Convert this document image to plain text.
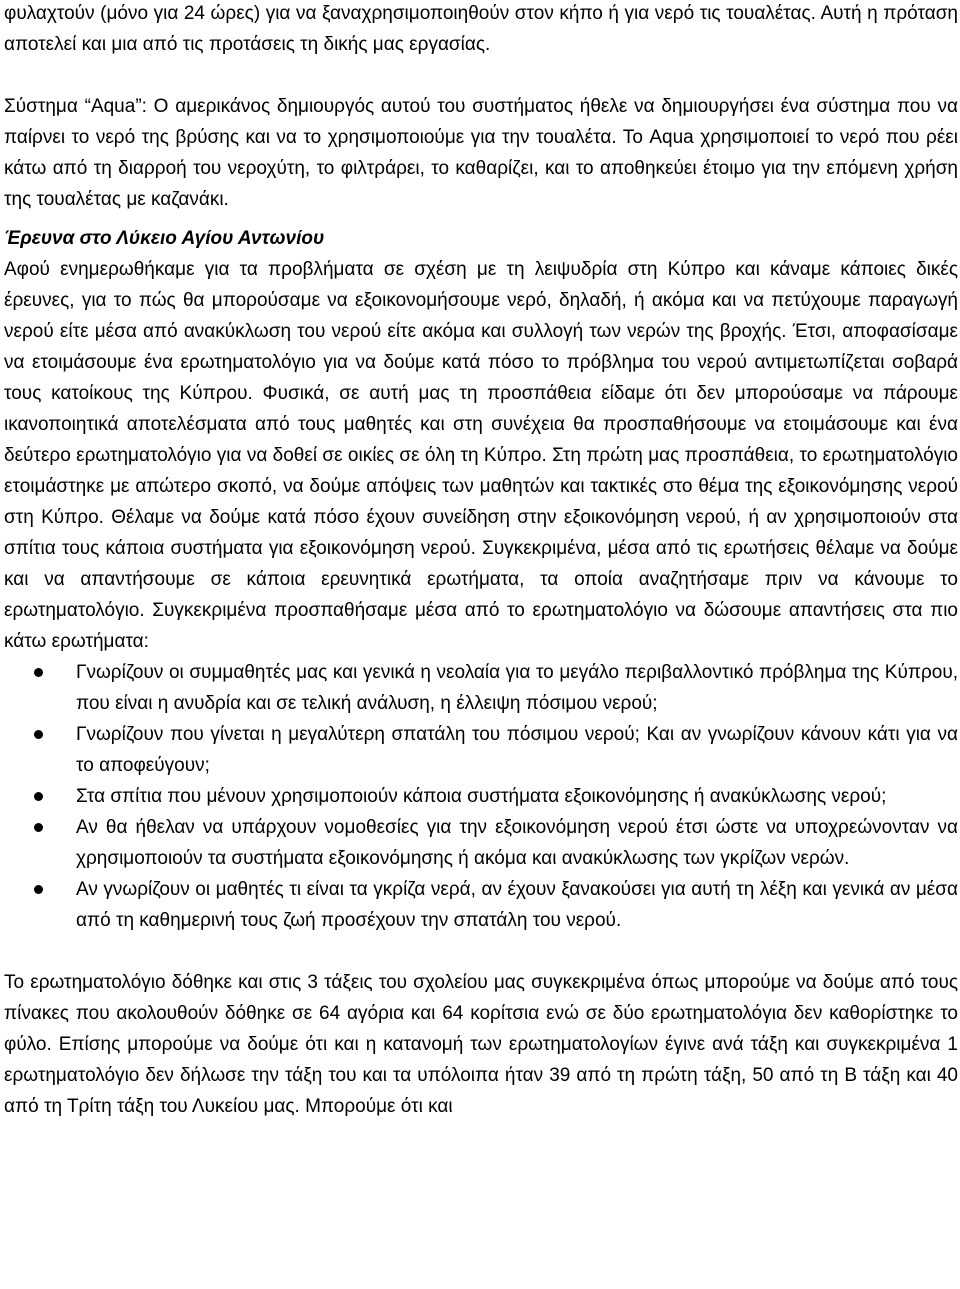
φυλαχτούν (μόνο για 24 ώρες) για να ξαναχρησιμοποιηθούν στον κήπο ή για νερό τις τουαλέτας. Αυτή η πρόταση αποτελεί και μια από τις προτάσεις τη δικής μας εργασίας.

Σύστημα “Aqua”: Ο αμερικάνος δημιουργός αυτού του συστήματος ήθελε να δημιουργήσει ένα σύστημα που να παίρνει το νερό της βρύσης και να το χρησιμοποιούμε για την τουαλέτα. Το Aqua χρησιμοποιεί το νερό που ρέει κάτω από τη διαρροή του νεροχύτη, το φιλτράρει, το καθαρίζει, και το αποθηκεύει έτοιμο για την επόμενη χρήση της τουαλέτας με καζανάκι.

Έρευνα στο Λύκειο Αγίου Αντωνίου

Αφού ενημερωθήκαμε για τα προβλήματα σε σχέση με τη λειψυδρία στη Κύπρο και κάναμε κάποιες δικές έρευνες, για το πώς θα μπορούσαμε να εξοικονομήσουμε νερό, δηλαδή, ή ακόμα και να πετύχουμε παραγωγή νερού είτε μέσα από ανακύκλωση του νερού είτε ακόμα και συλλογή των νερών της βροχής. Έτσι, αποφασίσαμε να ετοιμάσουμε ένα ερωτηματολόγιο για να δούμε κατά πόσο το πρόβλημα του νερού αντιμετωπίζεται σοβαρά τους κατοίκους της Κύπρου. Φυσικά, σε αυτή μας τη προσπάθεια είδαμε ότι δεν μπορούσαμε να πάρουμε ικανοποιητικά αποτελέσματα από τους μαθητές και στη συνέχεια θα προσπαθήσουμε να ετοιμάσουμε και ένα δεύτερο ερωτηματολόγιο για να δοθεί σε οικίες σε όλη τη Κύπρο. Στη πρώτη μας προσπάθεια, το ερωτηματολόγιο ετοιμάστηκε με απώτερο σκοπό, να δούμε απόψεις των μαθητών και τακτικές στο θέμα της εξοικονόμησης νερού στη Κύπρο. Θέλαμε να δούμε κατά πόσο έχουν συνείδηση στην εξοικονόμηση νερού, ή αν χρησιμοποιούν στα σπίτια τους κάποια συστήματα για εξοικονόμηση νερού. Συγκεκριμένα, μέσα από τις ερωτήσεις θέλαμε να δούμε και να απαντήσουμε σε κάποια ερευνητικά ερωτήματα, τα οποία αναζητήσαμε πριν να κάνουμε το ερωτηματολόγιο. Συγκεκριμένα προσπαθήσαμε μέσα από το ερωτηματολόγιο να δώσουμε απαντήσεις στα πιο κάτω ερωτήματα:

Γνωρίζουν οι συμμαθητές μας και γενικά η νεολαία για το μεγάλο περιβαλλοντικό πρόβλημα της Κύπρου, που είναι η ανυδρία και σε τελική ανάλυση, η έλλειψη πόσιμου νερού;
Γνωρίζουν που γίνεται η μεγαλύτερη σπατάλη του πόσιμου νερού; Και αν γνωρίζουν κάνουν κάτι για να το αποφεύγουν;
Στα σπίτια που μένουν χρησιμοποιούν κάποια συστήματα εξοικονόμησης ή ανακύκλωσης νερού;
Αν θα ήθελαν να υπάρχουν νομοθεσίες για την εξοικονόμηση νερού έτσι ώστε να υποχρεώνονταν να χρησιμοποιούν τα συστήματα εξοικονόμησης ή ακόμα και ανακύκλωσης των γκρίζων νερών.
Αν γνωρίζουν οι μαθητές τι είναι τα γκρίζα νερά, αν έχουν ξανακούσει για αυτή τη λέξη και γενικά αν μέσα από τη καθημερινή τους ζωή προσέχουν την σπατάλη του νερού.

Το ερωτηματολόγιο δόθηκε και στις 3 τάξεις του σχολείου μας συγκεκριμένα όπως μπορούμε να δούμε από τους πίνακες που ακολουθούν δόθηκε σε 64 αγόρια και 64 κορίτσια ενώ σε δύο ερωτηματολόγια δεν καθορίστηκε το φύλο. Επίσης μπορούμε να δούμε ότι και η κατανομή των ερωτηματολογίων έγινε ανά τάξη και συγκεκριμένα 1 ερωτηματολόγιο δεν δήλωσε την τάξη του και τα υπόλοιπα ήταν 39 από τη πρώτη τάξη, 50 από τη Β τάξη και 40 από τη Τρίτη τάξη του Λυκείου μας. Μπορούμε ότι και
